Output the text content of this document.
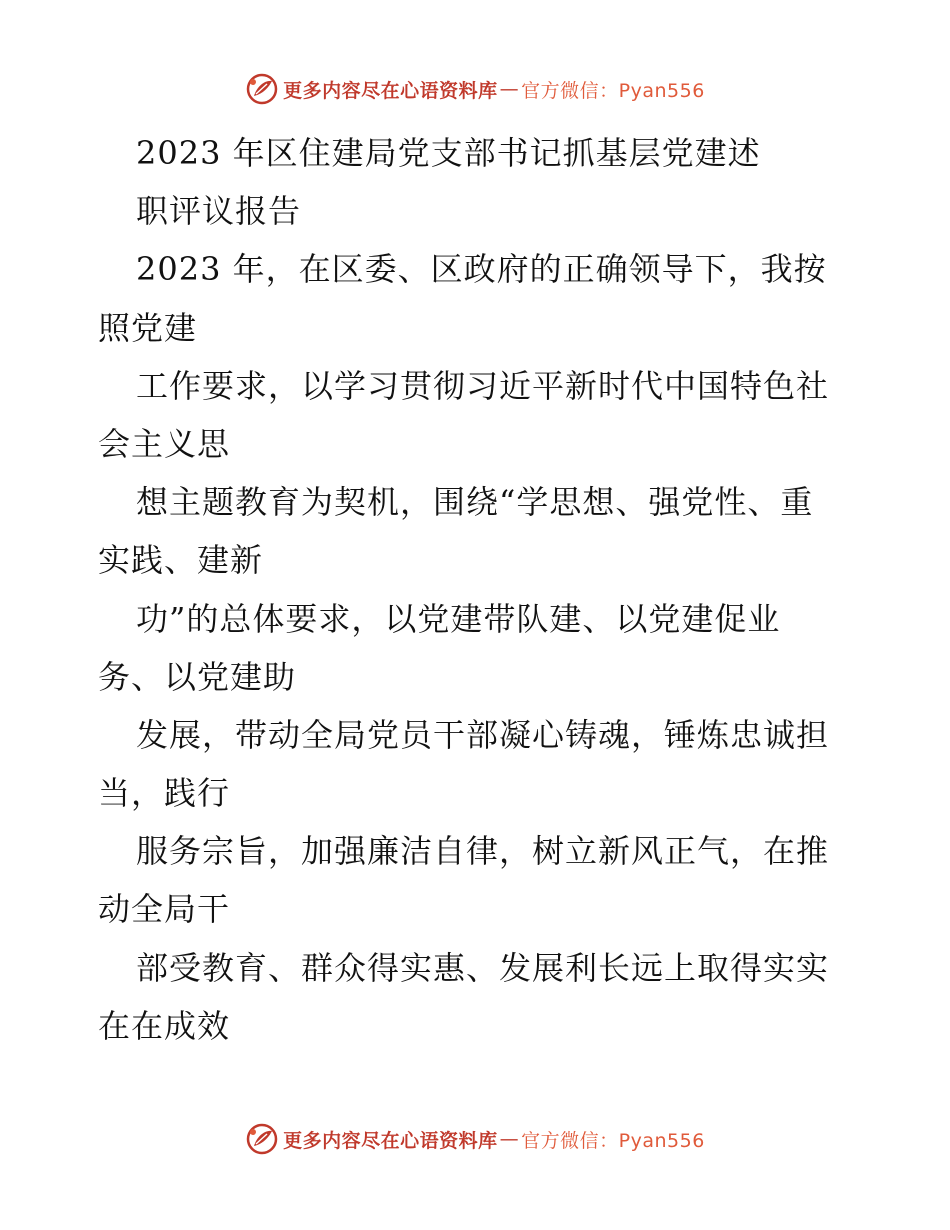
更多内容尽在心语资料库 — 官方微信：Pyan556
2023 年区住建局党支部书记抓基层党建述
职评议报告
2023 年，在区委、区政府的正确领导下，我按
照党建
工作要求，以学习贯彻习近平新时代中国特色社
会主义思
想主题教育为契机，围绕“学思想、强党性、重
实践、建新
功”的总体要求，以党建带队建、以党建促业
务、以党建助
发展，带动全局党员干部凝心铸魂，锤炼忠诚担
当，践行
服务宗旨，加强廉洁自律，树立新风正气，在推
动全局干
部受教育、群众得实惠、发展利长远上取得实实
在在成效
更多内容尽在心语资料库 — 官方微信：Pyan556
